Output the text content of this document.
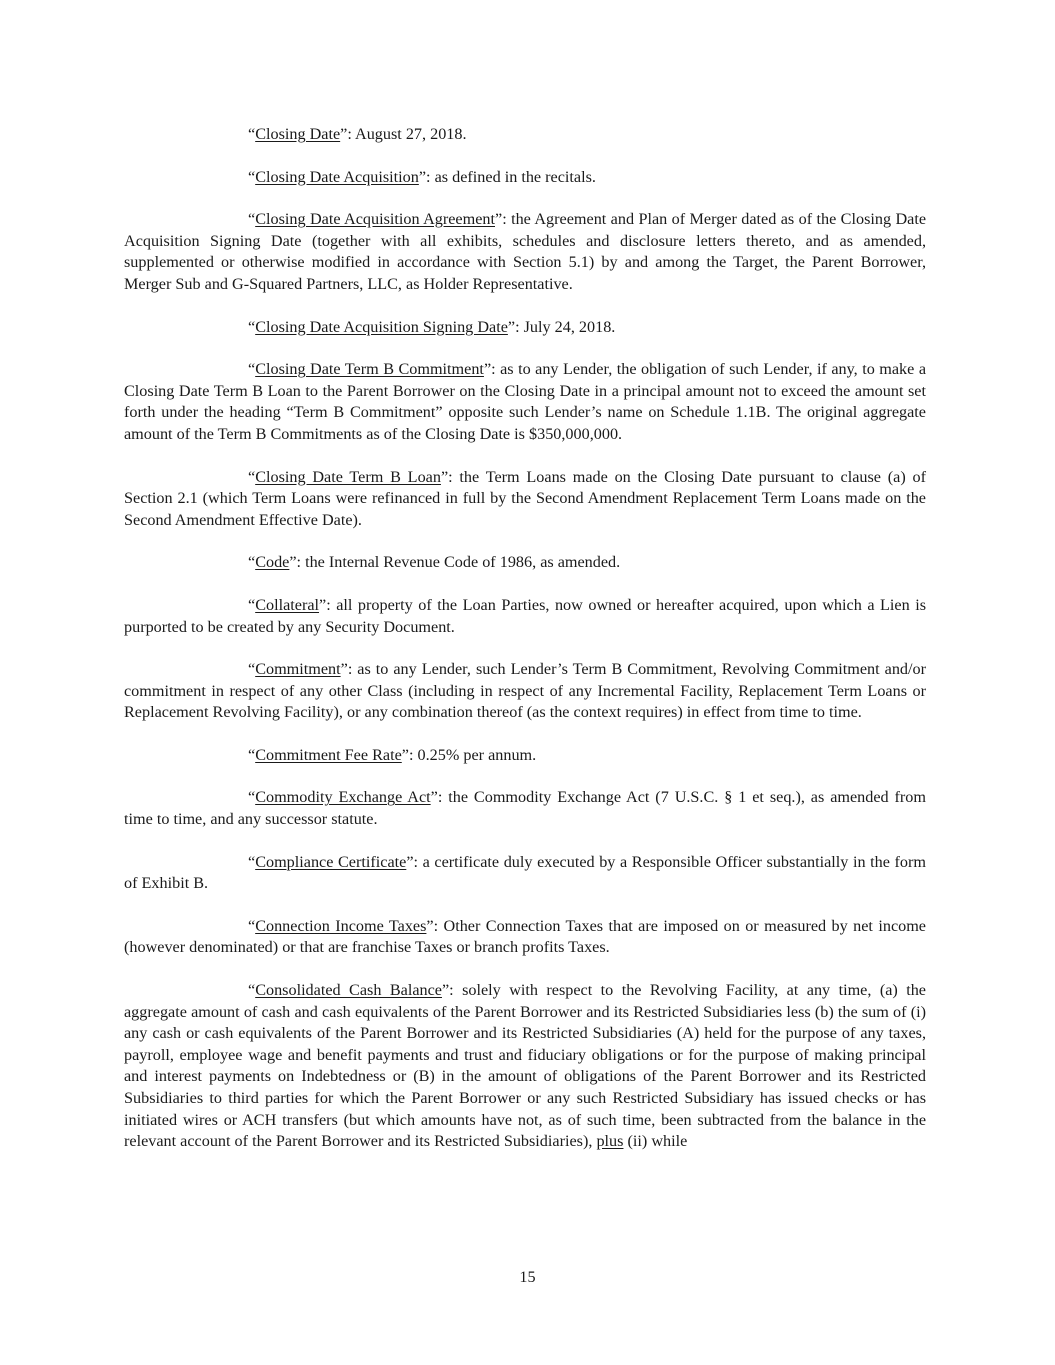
“Closing Date”: August 27, 2018.

“Closing Date Acquisition”: as defined in the recitals.

“Closing Date Acquisition Agreement”: the Agreement and Plan of Merger dated as of the Closing Date Acquisition Signing Date (together with all exhibits, schedules and disclosure letters thereto, and as amended, supplemented or otherwise modified in accordance with Section 5.1) by and among the Target, the Parent Borrower, Merger Sub and G-Squared Partners, LLC, as Holder Representative.

“Closing Date Acquisition Signing Date”: July 24, 2018.

“Closing Date Term B Commitment”: as to any Lender, the obligation of such Lender, if any, to make a Closing Date Term B Loan to the Parent Borrower on the Closing Date in a principal amount not to exceed the amount set forth under the heading “Term B Commitment” opposite such Lender’s name on Schedule 1.1B. The original aggregate amount of the Term B Commitments as of the Closing Date is $350,000,000.

“Closing Date Term B Loan”: the Term Loans made on the Closing Date pursuant to clause (a) of Section 2.1 (which Term Loans were refinanced in full by the Second Amendment Replacement Term Loans made on the Second Amendment Effective Date).

“Code”: the Internal Revenue Code of 1986, as amended.

“Collateral”: all property of the Loan Parties, now owned or hereafter acquired, upon which a Lien is purported to be created by any Security Document.

“Commitment”: as to any Lender, such Lender’s Term B Commitment, Revolving Commitment and/or commitment in respect of any other Class (including in respect of any Incremental Facility, Replacement Term Loans or Replacement Revolving Facility), or any combination thereof (as the context requires) in effect from time to time.

“Commitment Fee Rate”: 0.25% per annum.

“Commodity Exchange Act”: the Commodity Exchange Act (7 U.S.C. § 1 et seq.), as amended from time to time, and any successor statute.

“Compliance Certificate”: a certificate duly executed by a Responsible Officer substantially in the form of Exhibit B.

“Connection Income Taxes”: Other Connection Taxes that are imposed on or measured by net income (however denominated) or that are franchise Taxes or branch profits Taxes.

“Consolidated Cash Balance”: solely with respect to the Revolving Facility, at any time, (a) the aggregate amount of cash and cash equivalents of the Parent Borrower and its Restricted Subsidiaries less (b) the sum of (i) any cash or cash equivalents of the Parent Borrower and its Restricted Subsidiaries (A) held for the purpose of any taxes, payroll, employee wage and benefit payments and trust and fiduciary obligations or for the purpose of making principal and interest payments on Indebtedness or (B) in the amount of obligations of the Parent Borrower and its Restricted Subsidiaries to third parties for which the Parent Borrower or any such Restricted Subsidiary has issued checks or has initiated wires or ACH transfers (but which amounts have not, as of such time, been subtracted from the balance in the relevant account of the Parent Borrower and its Restricted Subsidiaries), plus (ii) while

15
